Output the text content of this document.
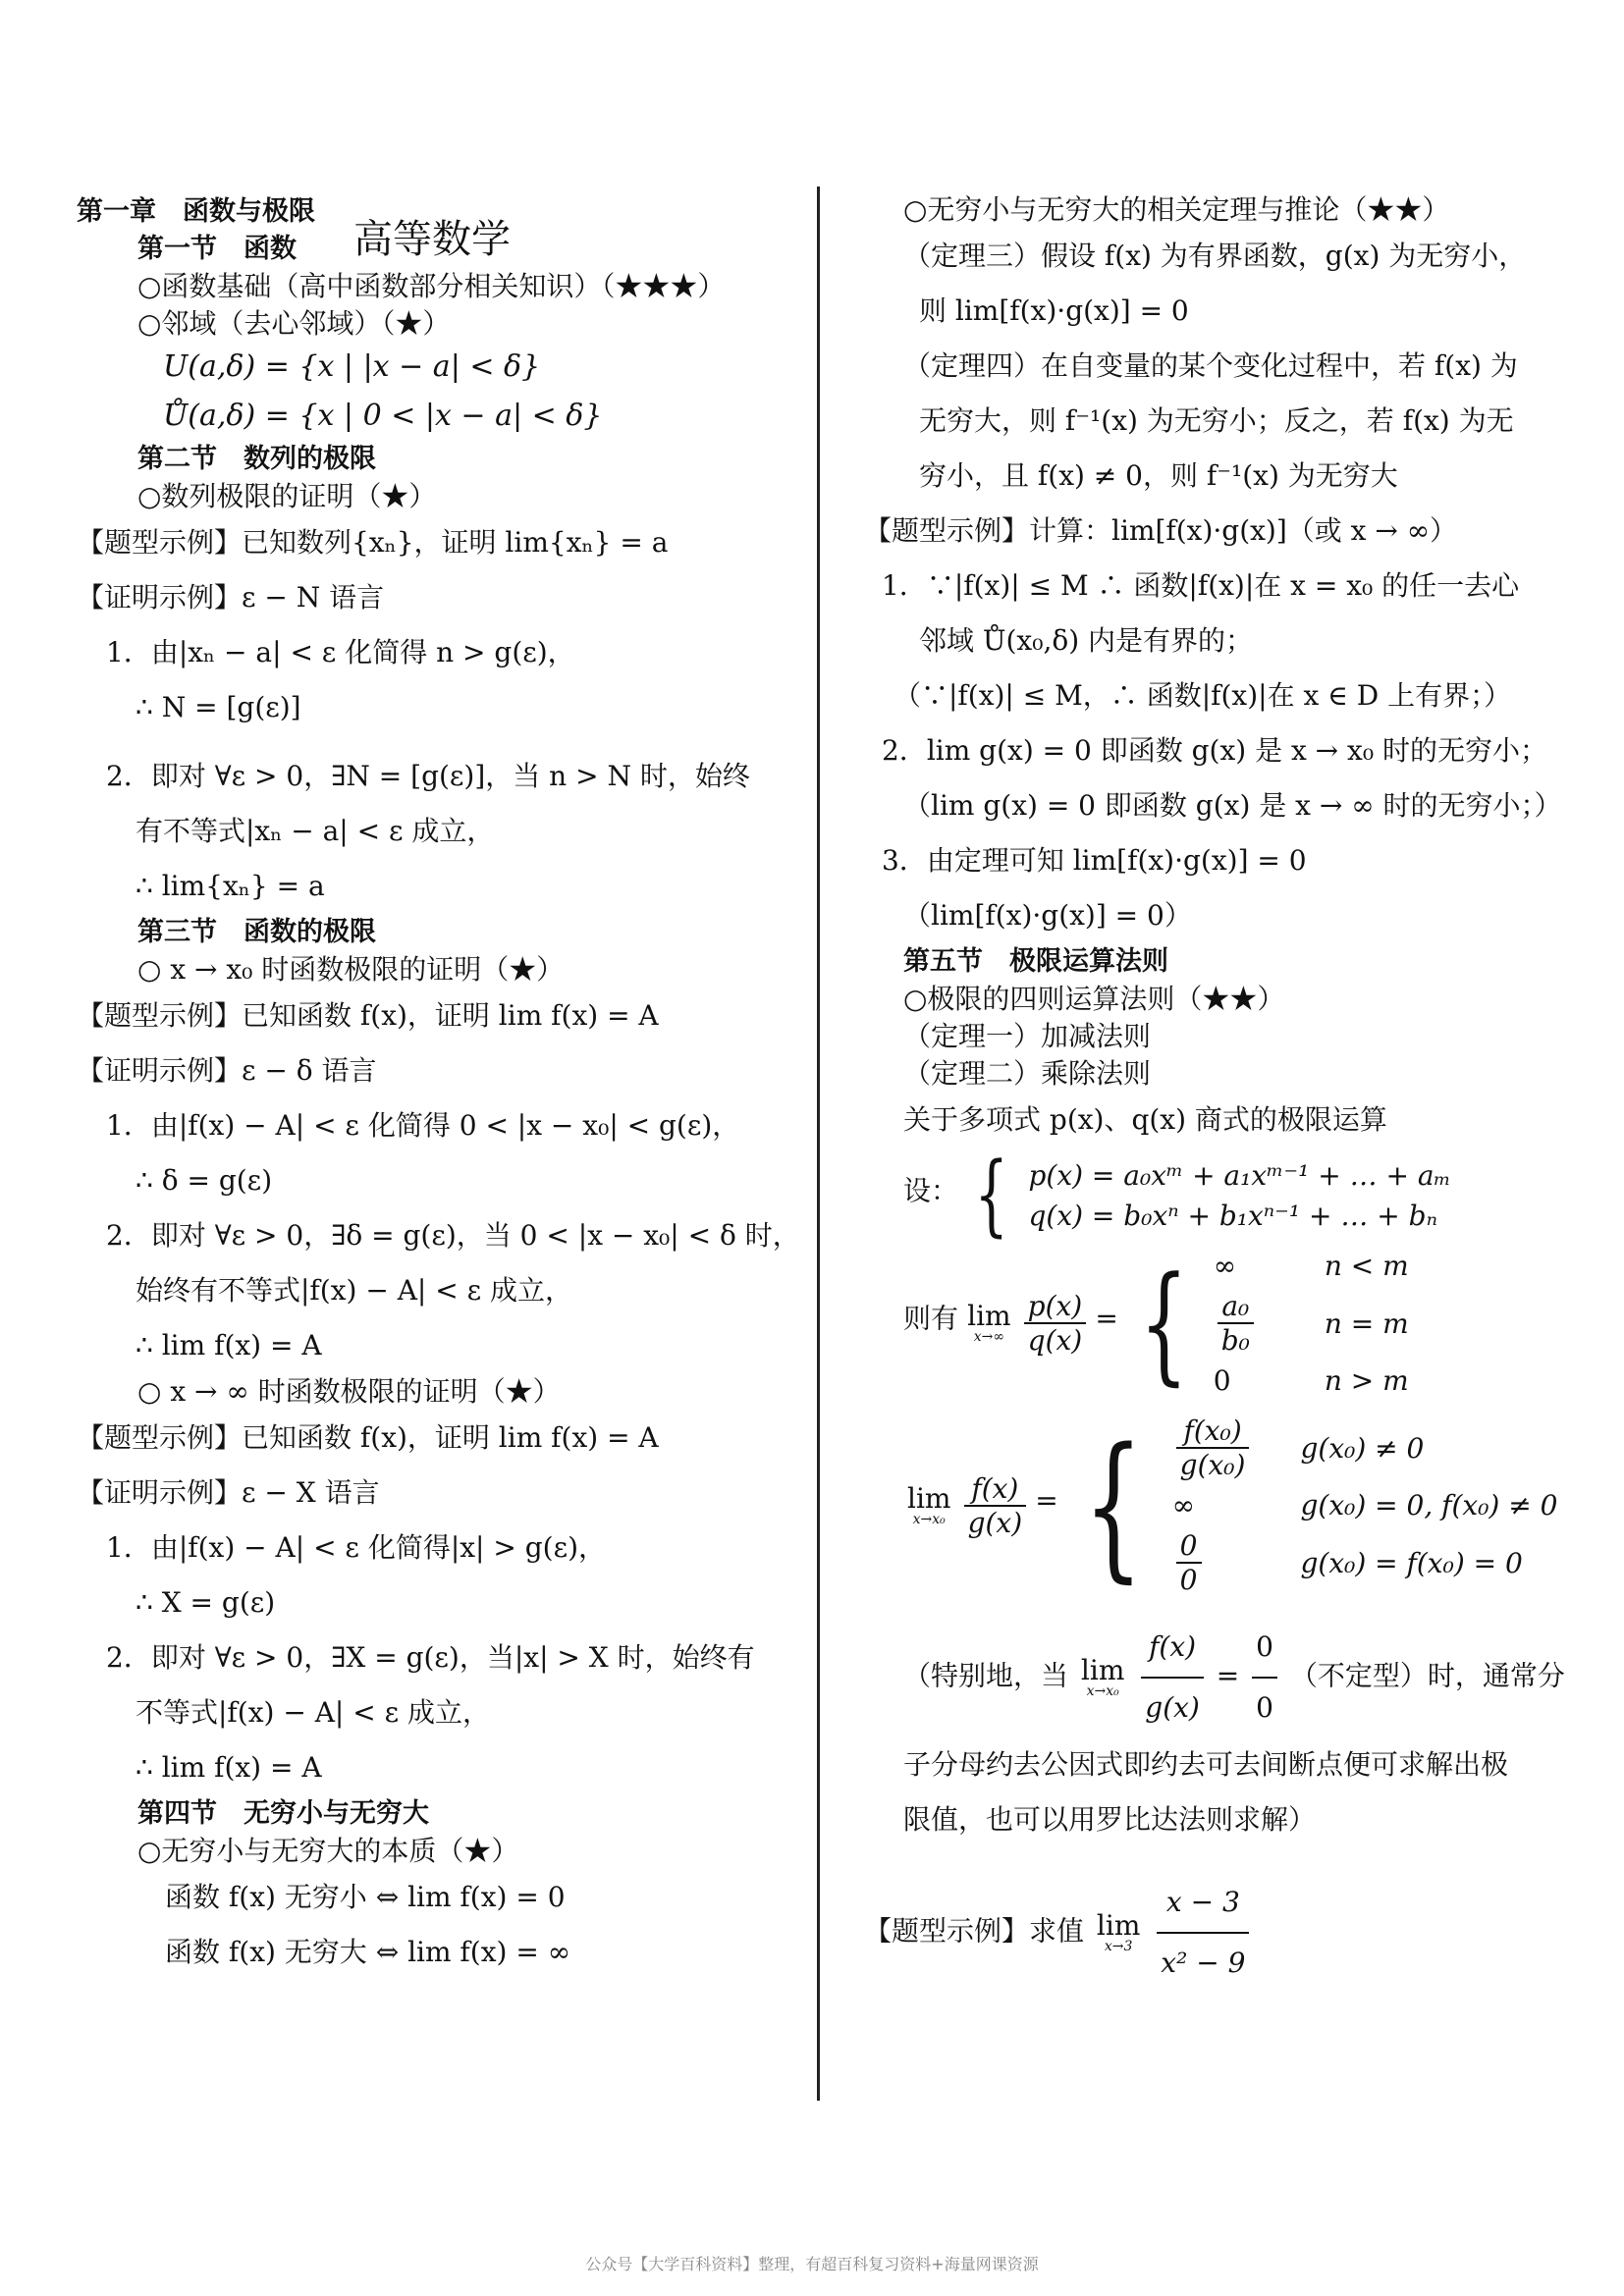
高等数学
第一章　函数与极限
第一节　函数
○函数基础（高中函数部分相关知识）（★★★）
○邻域（去心邻域）（★）
U(a,δ) = {x | |x − a| < δ}
Ů(a,δ) = {x | 0 < |x − a| < δ}
第二节　数列的极限
○数列极限的证明（★）
【题型示例】已知数列{xₙ}，证明 lim{xₙ} = a
【证明示例】ε − N 语言
1．由|xₙ − a| < ε 化简得 n > g(ε)，
∴ N = [g(ε)]
2．即对 ∀ε > 0，∃N = [g(ε)]，当 n > N 时，始终
有不等式|xₙ − a| < ε 成立，
∴ lim{xₙ} = a
第三节　函数的极限
○ x → x₀ 时函数极限的证明（★）
【题型示例】已知函数 f(x)，证明 lim f(x) = A
【证明示例】ε − δ 语言
1．由|f(x) − A| < ε 化简得 0 < |x − x₀| < g(ε)，
∴ δ = g(ε)
2．即对 ∀ε > 0，∃δ = g(ε)，当 0 < |x − x₀| < δ 时，
始终有不等式|f(x) − A| < ε 成立，
∴ lim f(x) = A
○ x → ∞ 时函数极限的证明（★）
【题型示例】已知函数 f(x)，证明 lim f(x) = A
【证明示例】ε − X 语言
1．由|f(x) − A| < ε 化简得|x| > g(ε)，
∴ X = g(ε)
2．即对 ∀ε > 0，∃X = g(ε)，当|x| > X 时，始终有
不等式|f(x) − A| < ε 成立，
∴ lim f(x) = A
第四节　无穷小与无穷大
○无穷小与无穷大的本质（★）
函数 f(x) 无穷小 ⇔ lim f(x) = 0
函数 f(x) 无穷大 ⇔ lim f(x) = ∞
○无穷小与无穷大的相关定理与推论（★★）
（定理三）假设 f(x) 为有界函数，g(x) 为无穷小，
则 lim[f(x)·g(x)] = 0
（定理四）在自变量的某个变化过程中，若 f(x) 为
无穷大，则 f⁻¹(x) 为无穷小；反之，若 f(x) 为无
穷小，且 f(x) ≠ 0，则 f⁻¹(x) 为无穷大
【题型示例】计算：lim[f(x)·g(x)]（或 x → ∞）
1．∵|f(x)| ≤ M ∴ 函数|f(x)|在 x = x₀ 的任一去心
邻域 Ů(x₀,δ) 内是有界的；
（∵|f(x)| ≤ M，∴ 函数|f(x)|在 x ∈ D 上有界；）
2．lim g(x) = 0 即函数 g(x) 是 x → x₀ 时的无穷小；
（lim g(x) = 0 即函数 g(x) 是 x → ∞ 时的无穷小；）
3．由定理可知 lim[f(x)·g(x)] = 0
（lim[f(x)·g(x)] = 0）
第五节　极限运算法则
○极限的四则运算法则（★★）
（定理一）加减法则
（定理二）乘除法则
关于多项式 p(x)、q(x) 商式的极限运算
设： { p(x) = a₀xᵐ + a₁xᵐ⁻¹ + … + aₘ
q(x) = b₀xⁿ + b₁xⁿ⁻¹ + … + bₙ
则有 lim
x→∞
$\frac{p(x)}{q(x)}$ = { ∞	n < m

$\frac{\text{a₀}}{\text{b₀}}$	n = m
0	n > m
lim
x→x₀
$\frac{f(x)}{g(x)}$ = { $\frac{\text{f(x₀)}}{\text{g(x₀)}}$	g(x₀) ≠ 0
∞	g(x₀) = 0, f(x₀) ≠ 0

$\frac{0}{0}$	g(x₀) = f(x₀) = 0
（特别地，当 lim
x→x₀
$\frac{f(x)}{g(x)} = \frac{0}{0}$ （不定型）时，通常分
子分母约去公因式即约去可去间断点便可求解出极
限值，也可以用罗比达法则求解）
【题型示例】求值 lim
x→3
$\frac{x - 3}{\text{x² − 9}}$
公众号【大学百科资料】整理，有超百科复习资料+海量网课资源
